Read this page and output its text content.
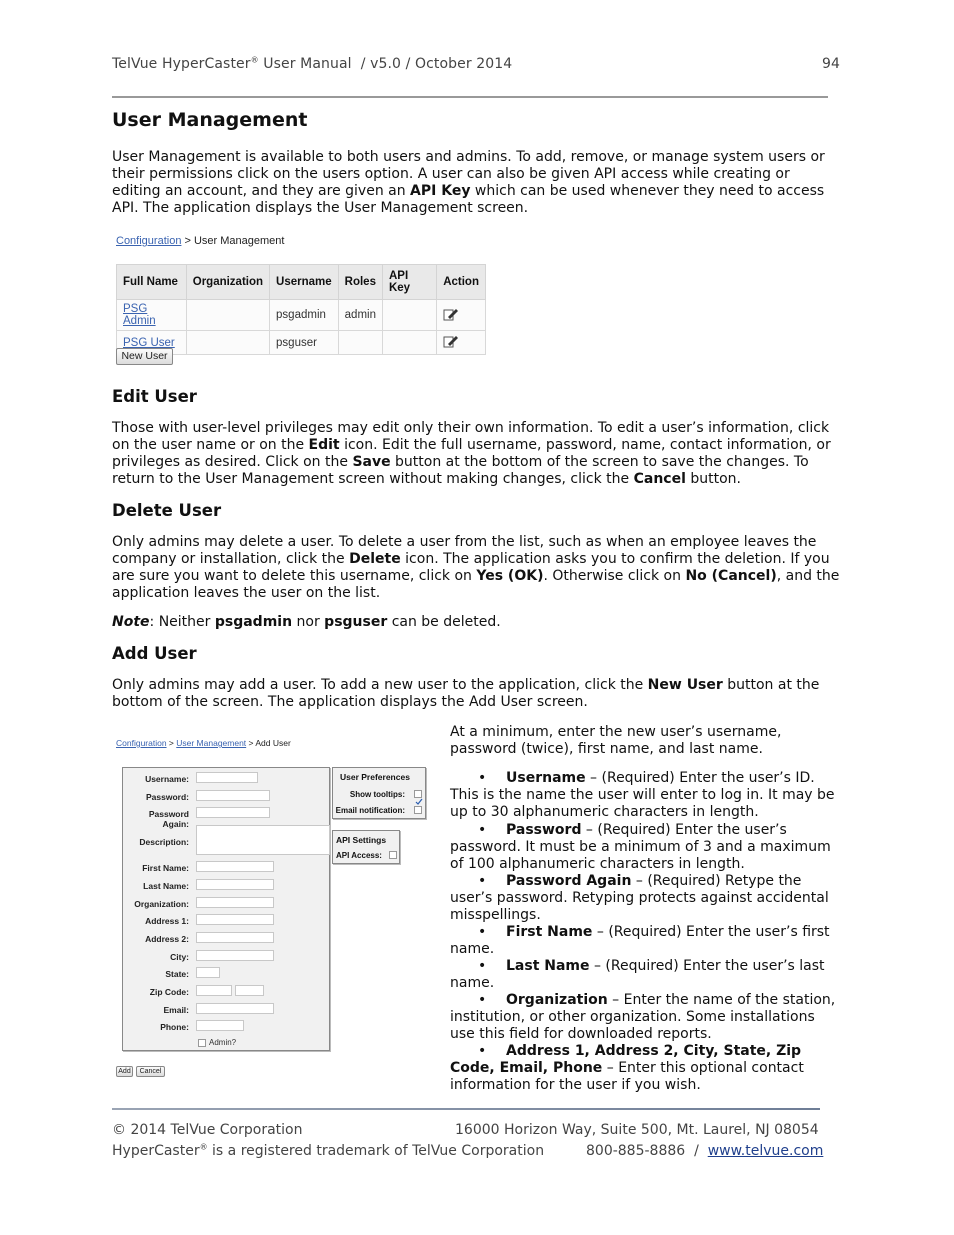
TelVue HyperCaster® User Manual  / v5.0 / October 2014	94
User Management

User Management is available to both users and admins. To add, remove, or manage system users or their permissions click on the users option. A user can also be given API access while creating or editing an account, and they are given an API Key which can be used whenever they need to access API. The application displays the User Management screen.

Configuration > User Management
Full Name	Organization	Username	Roles	API Key	Action
PSG Admin		psgadmin	admin		
PSG User		psguser			
New User
Edit User

Those with user-level privileges may edit only their own information. To edit a user’s information, click on the user name or on the Edit icon. Edit the full username, password, name, contact information, or privileges as desired. Click on the Save button at the bottom of the screen to save the changes. To return to the User Management screen without making changes, click the Cancel button.

Delete User

Only admins may delete a user. To delete a user from the list, such as when an employee leaves the company or installation, click the Delete icon. The application asks you to confirm the deletion. If you are sure you want to delete this username, click on Yes (OK). Otherwise click on No (Cancel), and the application leaves the user on the list.

Note: Neither psgadmin nor psguser can be deleted.

Add User

Only admins may add a user. To add a new user to the application, click the New User button at the bottom of the screen. The application displays the Add User screen.

Configuration > User Management > Add User
Username:
Password:
Password Again:
Description:
First Name:
Last Name:
Organization:
Address 1:
Address 2:
City:
State:
Zip Code:
Email:
Phone:
Admin?
User Preferences
Show tooltips:
Email notification:
API Settings
API Access:
Add	Cancel

At a minimum, enter the new user’s username, password (twice), first name, and last name.

• Username – (Required) Enter the user’s ID. This is the name the user will enter to log in. It may be up to 30 alphanumeric characters in length.

• Password – (Required) Enter the user’s password. It must be a minimum of 3 and a maximum of 100 alphanumeric characters in length.

• Password Again – (Required) Retype the user’s password. Retyping protects against accidental misspellings.

• First Name – (Required) Enter the user’s first name.

• Last Name – (Required) Enter the user’s last name.

• Organization – Enter the name of the station, institution, or other organization. Some installations use this field for downloaded reports.

• Address 1, Address 2, City, State, Zip Code, Email, Phone – Enter this optional contact information for the user if you wish.

© 2014 TelVue Corporation	16000 Horizon Way, Suite 500, Mt. Laurel, NJ 08054
HyperCaster® is a registered trademark of TelVue Corporation	800-885-8886  /  www.telvue.com
